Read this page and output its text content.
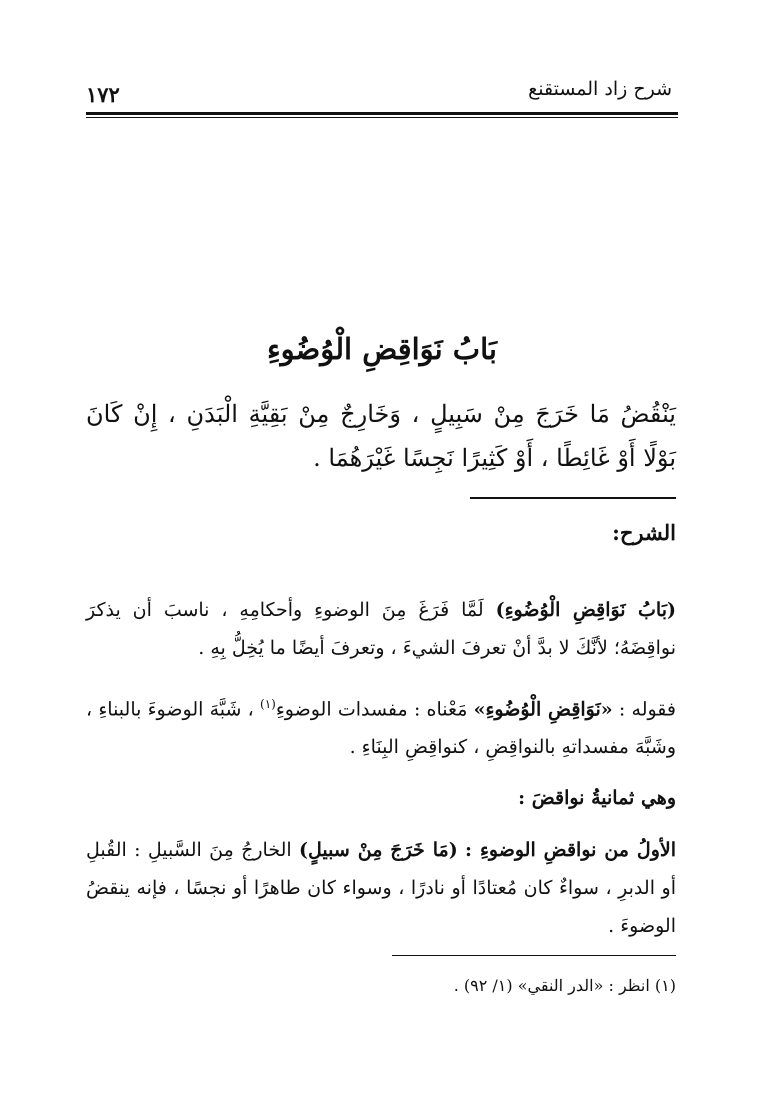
١٧٢	شرح زاد المستقنع
بَابُ نَوَاقِضِ الْوُضُوءِ
يَنْقُضُ مَا خَرَجَ مِنْ سَبِيلٍ ، وَخَارِجٌ مِنْ بَقِيَّةِ الْبَدَنِ ، إِنْ كَانَ بَوْلًا أَوْ غَائِطًا ، أَوْ كَثِيرًا نَجِسًا غَيْرَهُمَا .
الشرح:

(بَابُ نَوَاقِضِ الْوُضُوءِ) لَمَّا فَرَغَ مِنَ الوضوءِ وأحكامِهِ ، ناسبَ أن يذكرَ نواقِضَهُ؛ لأنَّكَ لا بدَّ أنْ تعرفَ الشيءَ ، وتعرفَ أيضًا ما يُخِلُّ بِهِ .

فقوله : «نَوَاقِضِ الْوُضُوءِ» مَعْناه : مفسدات الوضوءِ$^{(١)}$ ، شَبَّهَ الوضوءَ بالبناءِ ، وشَبَّهَ مفسداتهِ بالنواقِضِ ، كنواقِضِ البِنَاءِ .

وهي ثمانيةُ نواقضَ :

الأولُ من نواقضِ الوضوءِ : (مَا خَرَجَ مِنْ سبيلٍ) الخارجُ مِنَ السَّبيلِ : القُبلِ أو الدبرِ ، سواءٌ كان مُعتادًا أو نادرًا ، وسواء كان طاهرًا أو نجسًا ، فإنه ينقضُ الوضوءَ .

(١) انظر : «الدر النقي» (١/ ٩٢) .
